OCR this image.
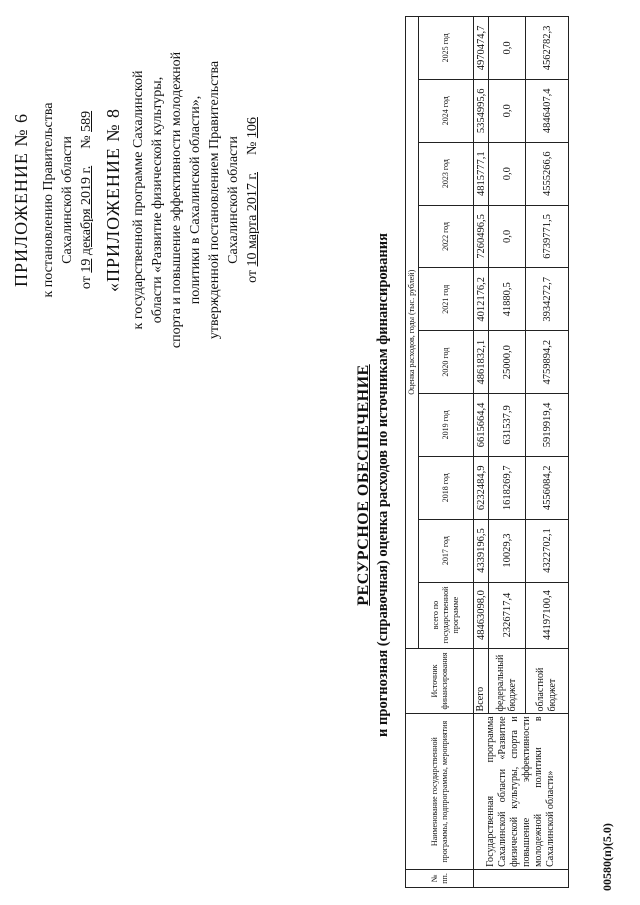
ПРИЛОЖЕНИЕ № 6 к постановлению Правительства Сахалинской области
от 19 декабря 2019 г.  № 589 «ПРИЛОЖЕНИЕ № 8 к государственной программе Сахалинской области «Развитие физической культуры, спорта и повышение эффективности молодежной политики в Сахалинской области», утвержденной постановлением Правительства Сахалинской области
от 10 марта 2017 г.  № 106
РЕСУРСНОЕ ОБЕСПЕЧЕНИЕ и прогнозная (справочная) оценка расходов по источникам финансирования
№ пп.	Наименование государственной программы, подпрограммы, мероприятия	Источник финансирования	Оценка расходов, годы (тыс. рублей)									
			всего по государственной программе	2017 год	2018 год	2019 год	2020 год	2021 год	2022 год	2023 год	2024 год	2025 год
	Государственная программа Сахалинской области «Развитие физической культуры, спорта и повышение эффективности молодежной политики в Сахалинской области»	Всего	48463098,0	4339196,5	6232484,9	6615664,4	4861832,1	4012176,2	7260496,5	4815777,1	5354995,6	4970474,7
		федеральный бюджет	2326717,4	10029,3	1618269,7	631537,9	25000,0	41880,5	0,0	0,0	0,0	0,0
		областной бюджет	44197100,4	4322702,1	4556084,2	5919919,4	4759894,2	3934272,7	6739771,5	4555266,6	4846407,4	4562782,3
00580(п)(5.0)
